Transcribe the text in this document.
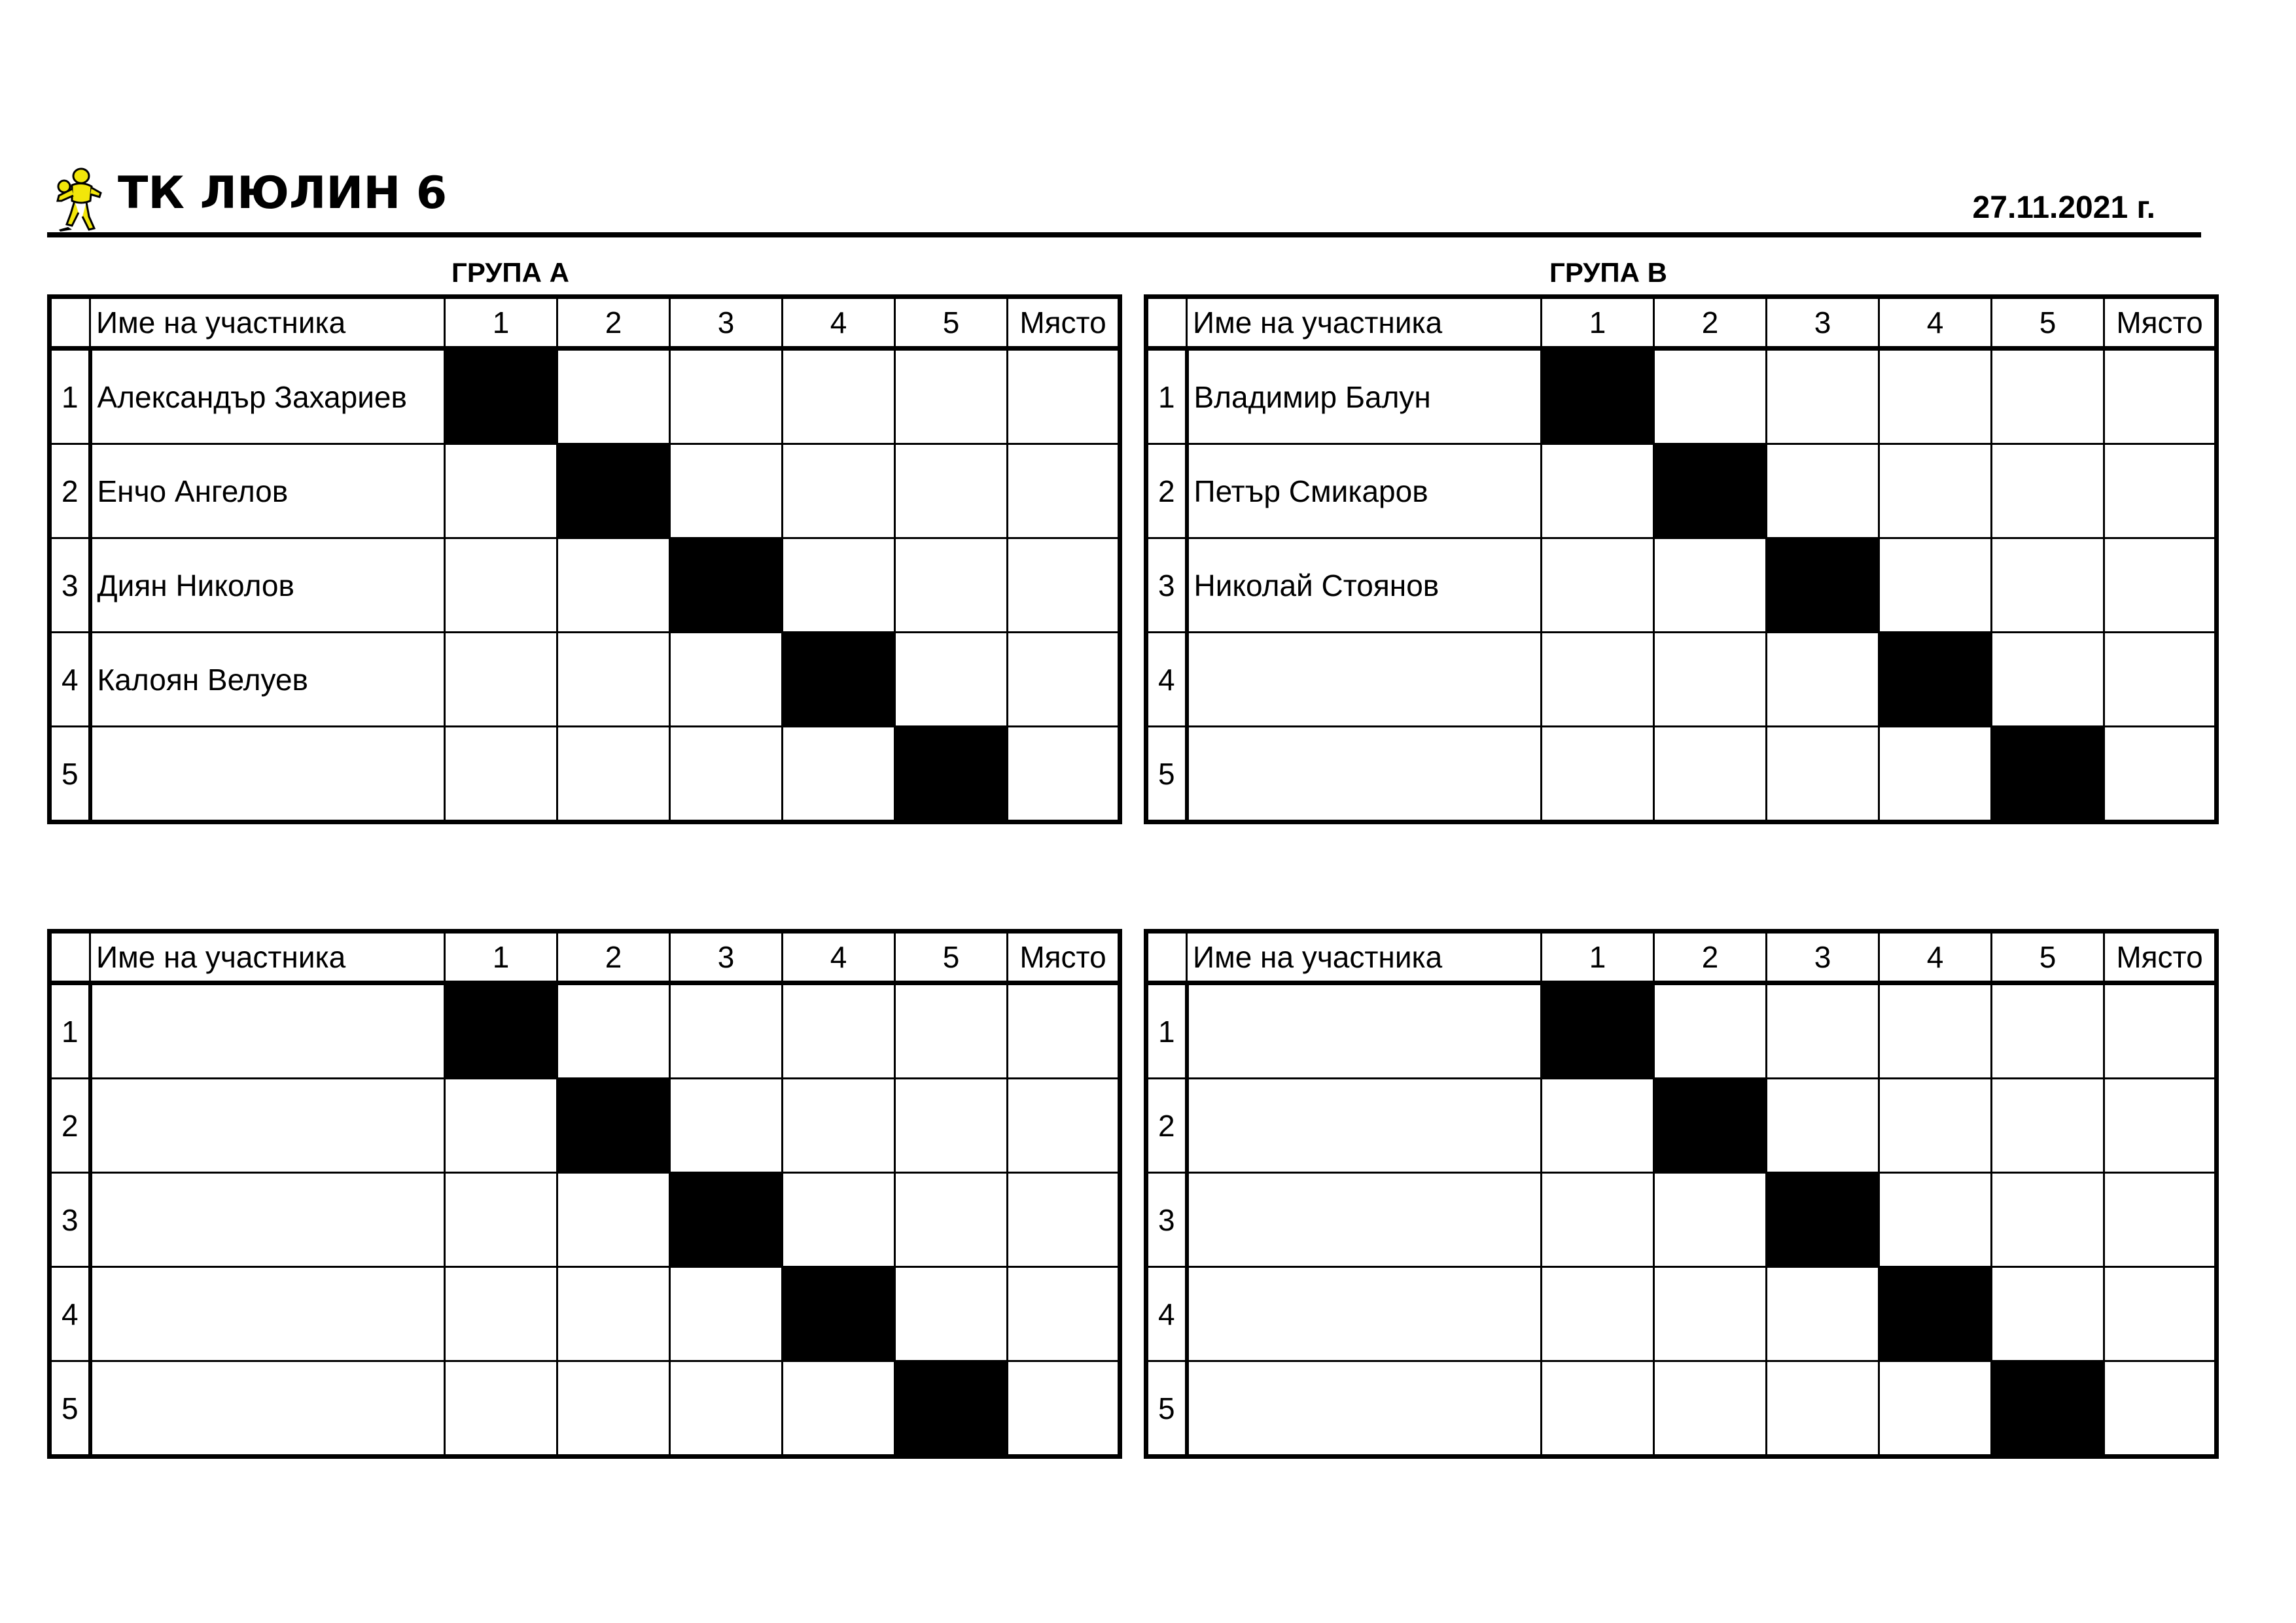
ТК ЛЮЛИН 6	27.11.2021 г.
ГРУПА А	ГРУПА В
	Име на участника	1	2	3	4	5	Място
1	Александър Захариев						
2	Енчо Ангелов						
3	Диян Николов						
4	Калоян Велуев						
5							
	Име на участника	1	2	3	4	5	Място
1	Владимир Балун						
2	Петър Смикаров						
3	Николай Стоянов						
4							
5							
	Име на участника	1	2	3	4	5	Място
1							
2							
3							
4							
5							
	Име на участника	1	2	3	4	5	Място
1							
2							
3							
4							
5							
